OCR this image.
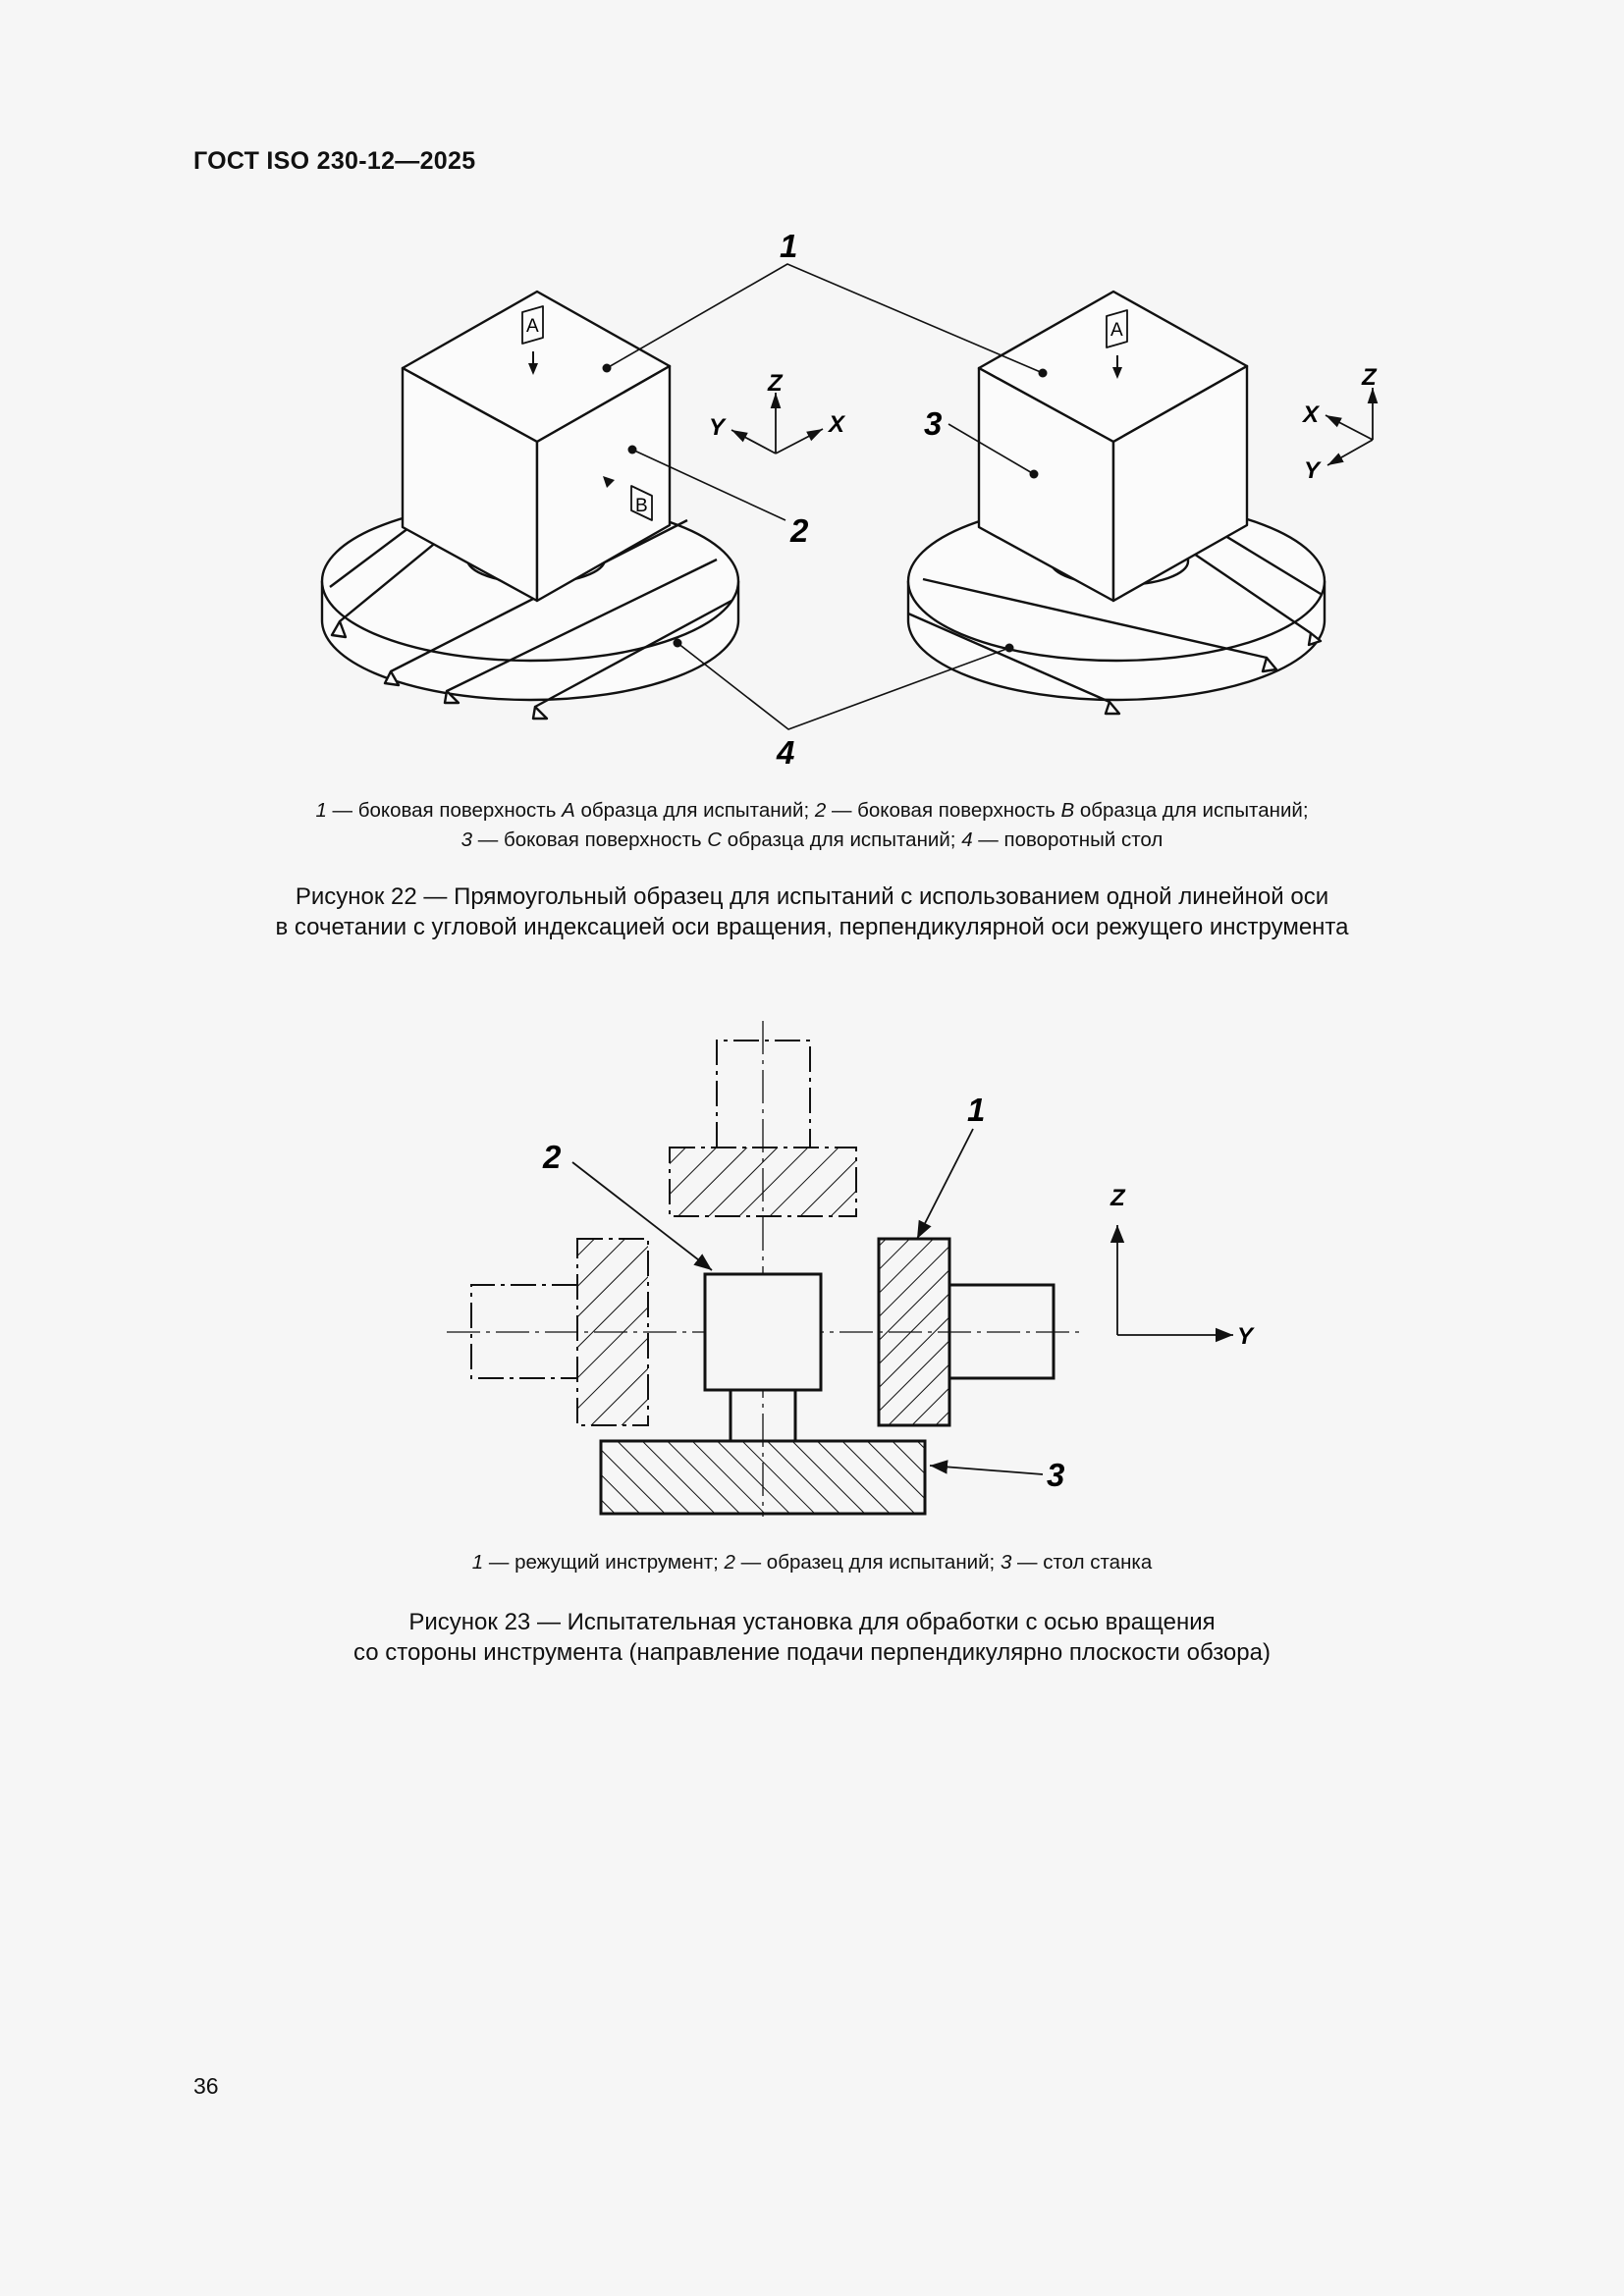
ГОСТ ISO 230-12—2025
1
2
3
4
A
B
A
Z
Y	X
Z
X
Y
1 — боковая поверхность A образца для испытаний; 2 — боковая поверхность B образца для испытаний;
3 — боковая поверхность C образца для испытаний; 4 — поворотный стол
Рисунок 22 — Прямоугольный образец для испытаний с использованием одной линейной оси
в сочетании с угловой индексацией оси вращения, перпендикулярной оси режущего инструмента
2
1
3
Z
Y
1 — режущий инструмент; 2 — образец для испытаний; 3 — стол станка
Рисунок 23 — Испытательная установка для обработки с осью вращения
со стороны инструмента (направление подачи перпендикулярно плоскости обзора)
36
